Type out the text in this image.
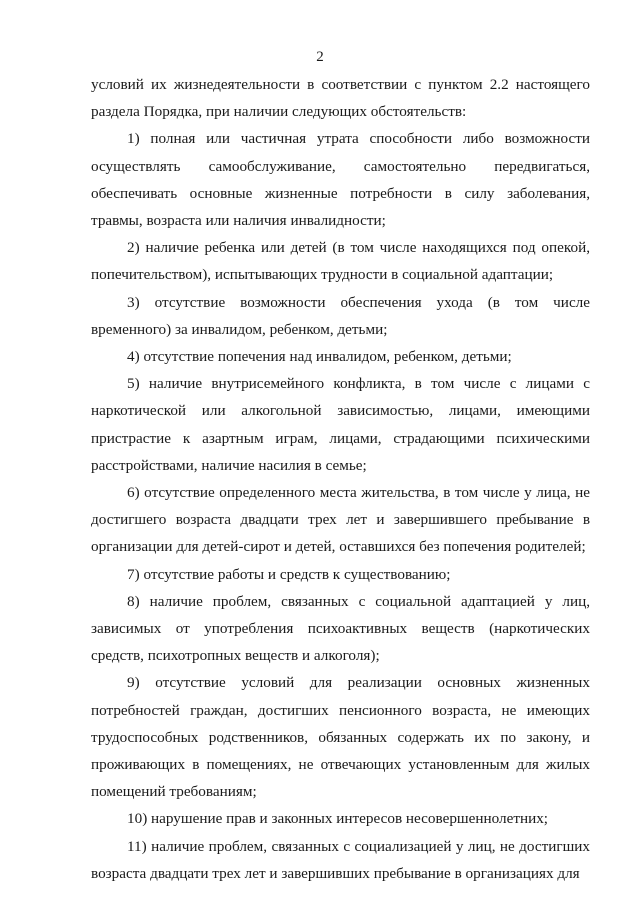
2

условий их жизнедеятельности в соответствии с пунктом 2.2 настоящего раздела Порядка, при наличии следующих обстоятельств:

1) полная или частичная утрата способности либо возможности осуществлять самообслуживание, самостоятельно передвигаться, обеспечивать основные жизненные потребности в силу заболевания, травмы, возраста или наличия инвалидности;

2) наличие ребенка или детей (в том числе находящихся под опекой, попечительством), испытывающих трудности в социальной адаптации;

3) отсутствие возможности обеспечения ухода (в том числе временного) за инвалидом, ребенком, детьми;

4) отсутствие попечения над инвалидом, ребенком, детьми;

5) наличие внутрисемейного конфликта, в том числе с лицами с наркотической или алкогольной зависимостью, лицами, имеющими пристрастие к азартным играм, лицами, страдающими психическими расстройствами, наличие насилия в семье;

6) отсутствие определенного места жительства, в том числе у лица, не достигшего возраста двадцати трех лет и завершившего пребывание в организации для детей-сирот и детей, оставшихся без попечения родителей;

7) отсутствие работы и средств к существованию;

8) наличие проблем, связанных с социальной адаптацией у лиц, зависимых от употребления психоактивных веществ (наркотических средств, психотропных веществ и алкоголя);

9) отсутствие условий для реализации основных жизненных потребностей граждан, достигших пенсионного возраста, не имеющих трудоспособных родственников, обязанных содержать их по закону, и проживающих в помещениях, не отвечающих установленным для жилых помещений требованиям;

10) нарушение прав и законных интересов несовершеннолетних;

11) наличие проблем, связанных с социализацией у лиц, не достигших возраста двадцати трех лет и завершивших пребывание в организациях для
